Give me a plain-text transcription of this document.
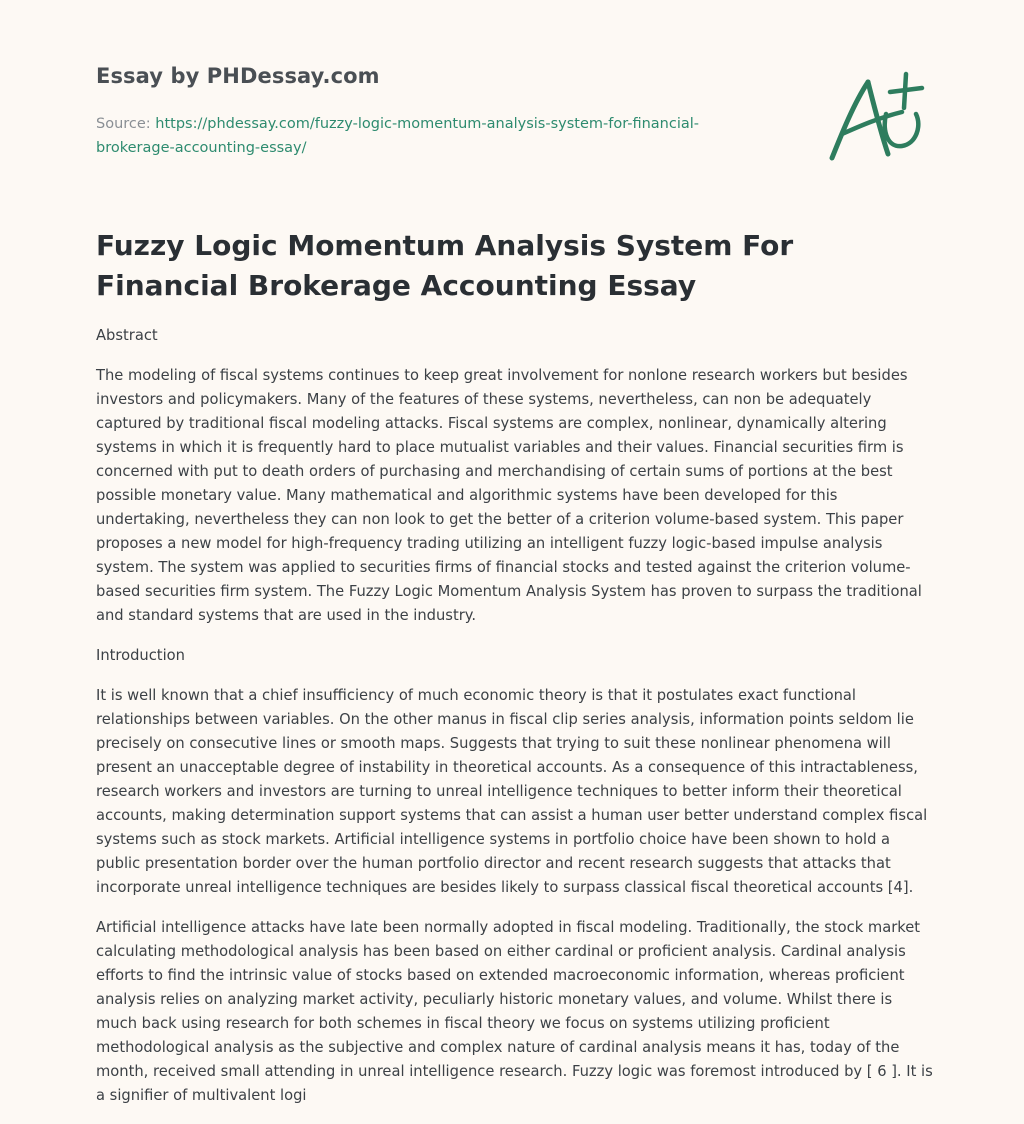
Essay by PHDessay.com

Source: https://phdessay.com/fuzzy-logic-momentum-analysis-system-for-financial-brokerage-accounting-essay/

Fuzzy Logic Momentum Analysis System For Financial Brokerage Accounting Essay

Abstract

The modeling of fiscal systems continues to keep great involvement for nonlone research workers but besides investors and policymakers. Many of the features of these systems, nevertheless, can non be adequately captured by traditional fiscal modeling attacks. Fiscal systems are complex, nonlinear, dynamically altering systems in which it is frequently hard to place mutualist variables and their values. Financial securities firm is concerned with put to death orders of purchasing and merchandising of certain sums of portions at the best possible monetary value. Many mathematical and algorithmic systems have been developed for this undertaking, nevertheless they can non look to get the better of a criterion volume-based system. This paper proposes a new model for high-frequency trading utilizing an intelligent fuzzy logic-based impulse analysis system. The system was applied to securities firms of financial stocks and tested against the criterion volume-based securities firm system. The Fuzzy Logic Momentum Analysis System has proven to surpass the traditional and standard systems that are used in the industry.

Introduction

It is well known that a chief insufficiency of much economic theory is that it postulates exact functional relationships between variables. On the other manus in fiscal clip series analysis, information points seldom lie precisely on consecutive lines or smooth maps. Suggests that trying to suit these nonlinear phenomena will present an unacceptable degree of instability in theoretical accounts. As a consequence of this intractableness, research workers and investors are turning to unreal intelligence techniques to better inform their theoretical accounts, making determination support systems that can assist a human user better understand complex fiscal systems such as stock markets. Artificial intelligence systems in portfolio choice have been shown to hold a public presentation border over the human portfolio director and recent research suggests that attacks that incorporate unreal intelligence techniques are besides likely to surpass classical fiscal theoretical accounts [4].

Artificial intelligence attacks have late been normally adopted in fiscal modeling. Traditionally, the stock market calculating methodological analysis has been based on either cardinal or proficient analysis. Cardinal analysis efforts to find the intrinsic value of stocks based on extended macroeconomic information, whereas proficient analysis relies on analyzing market activity, peculiarly historic monetary values, and volume. Whilst there is much back using research for both schemes in fiscal theory we focus on systems utilizing proficient methodological analysis as the subjective and complex nature of cardinal analysis means it has, today of the month, received small attending in unreal intelligence research. Fuzzy logic was foremost introduced by [ 6 ]. It is a signifier of multivalent logi
